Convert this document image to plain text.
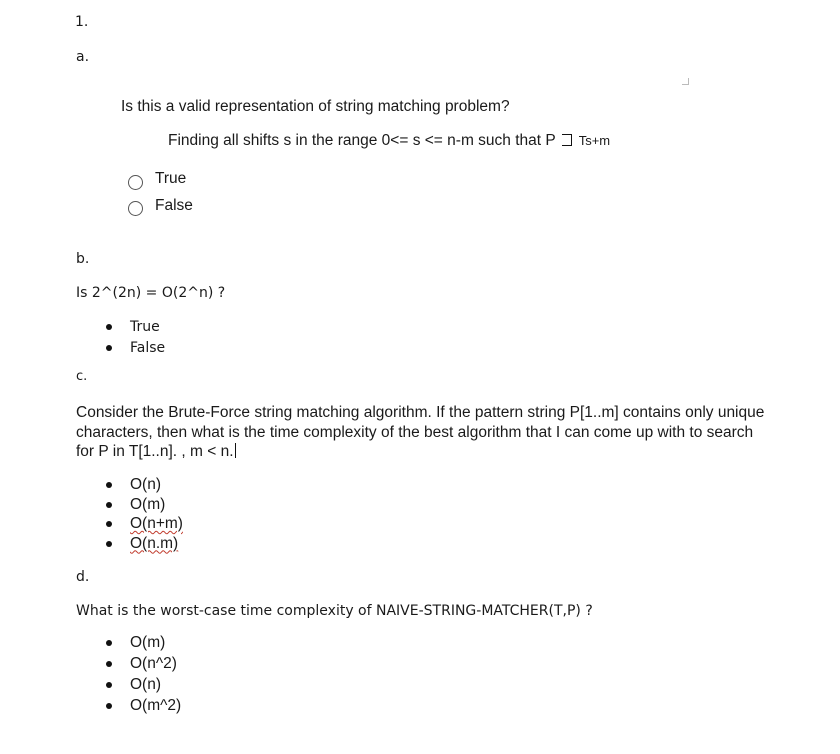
1.
a.
Is this a valid representation of string matching problem?
Finding all shifts s in the range 0<= s <= n-m such that P Ts+m
True
False
b.
Is 2^(2n) = O(2^n) ?
True
False
c.
Consider the Brute-Force string matching algorithm. If the pattern string P[1..m] contains only unique
characters, then what is the time complexity of the best algorithm that I can come up with to search
for P in T[1..n]. , m < n.
O(n)
O(m)
O(n+m)
O(n.m)
d.
What is the worst-case time complexity of NAIVE-STRING-MATCHER(T,P) ?
O(m)
O(n^2)
O(n)
O(m^2)
